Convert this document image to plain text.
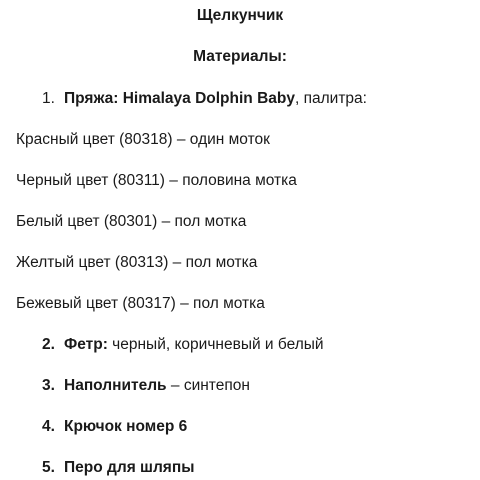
Щелкунчик
Материалы:
1. Пряжа: Himalaya Dolphin Baby, палитра:
Красный цвет (80318) – один моток
Черный цвет (80311) – половина мотка
Белый цвет (80301) – пол мотка
Желтый цвет (80313) – пол мотка
Бежевый цвет (80317) – пол мотка
2. Фетр: черный, коричневый и белый
3. Наполнитель – синтепон
4. Крючок номер 6
5. Перо для шляпы
